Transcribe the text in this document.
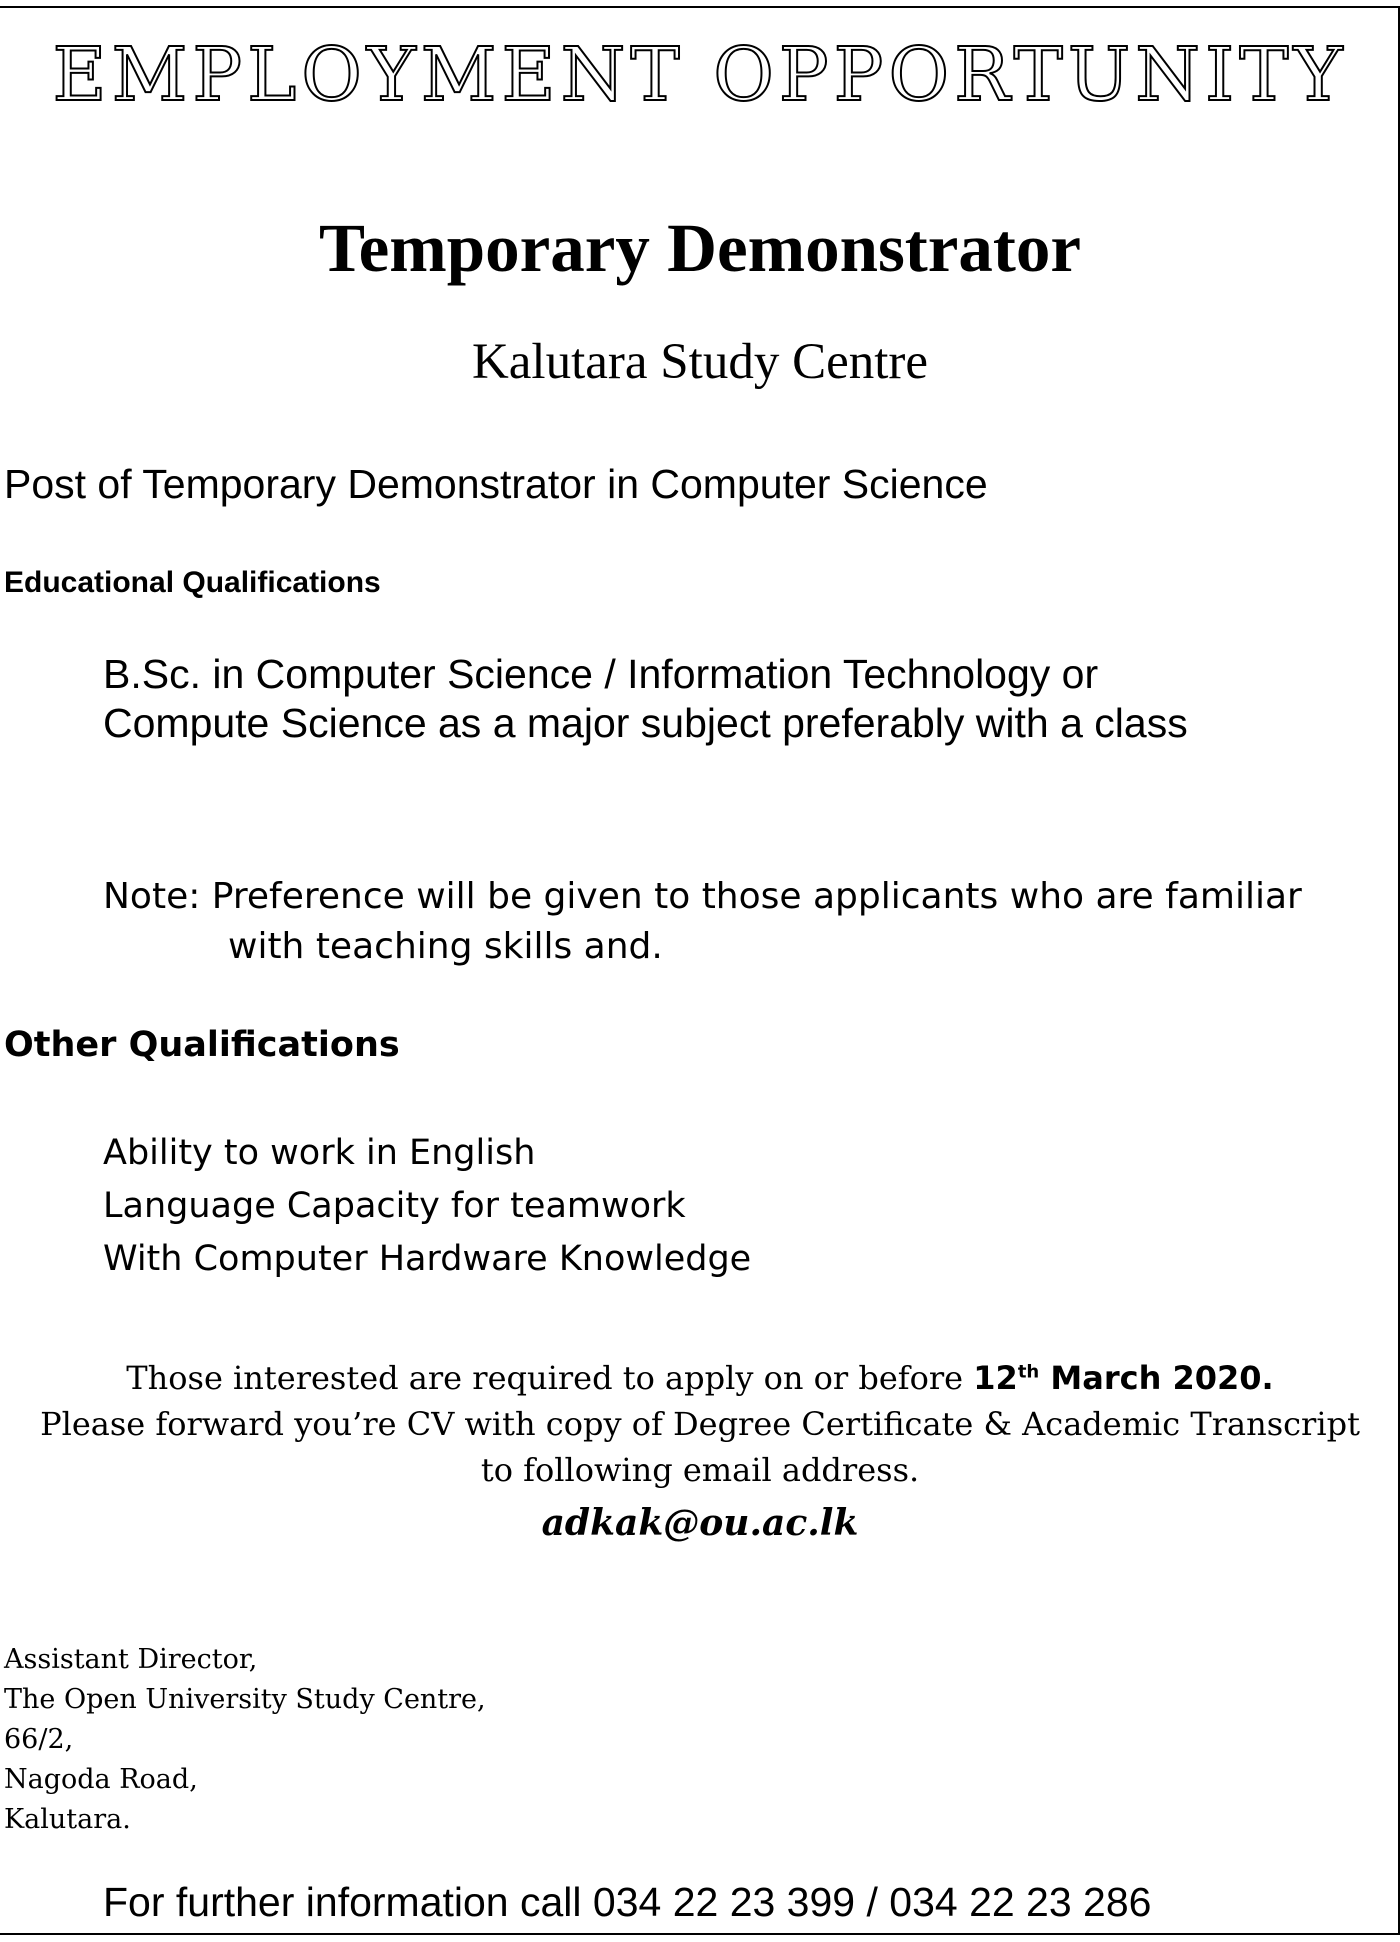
EMPLOYMENT OPPORTUNITY
Temporary Demonstrator
Kalutara Study Centre
Post of Temporary Demonstrator in Computer Science
Educational Qualifications
B.Sc. in Computer Science / Information Technology or
Compute Science as a major subject preferably with a class
Note: Preference will be given to those applicants who are familiar
with teaching skills and.
Other Qualifications
Ability to work in English
Language Capacity for teamwork
With Computer Hardware Knowledge
Those interested are required to apply on or before 12th March 2020.
Please forward you’re CV with copy of Degree Certificate & Academic Transcript
to following email address.
adkak@ou.ac.lk
Assistant Director,
The Open University Study Centre,
66/2,
Nagoda Road,
Kalutara.
For further information call 034 22 23 399 / 034 22 23 286
